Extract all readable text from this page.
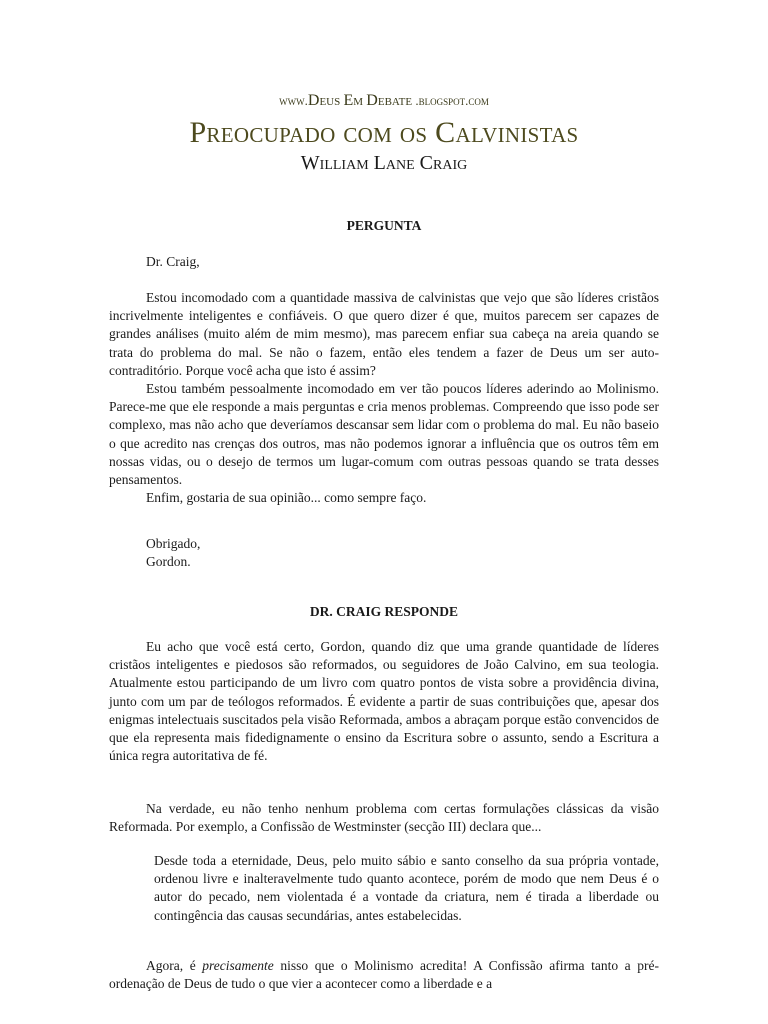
www.Deus Em Debate .blogspot.com
Preocupado com os Calvinistas
William Lane Craig
PERGUNTA

Dr. Craig,

Estou incomodado com a quantidade massiva de calvinistas que vejo que são líderes cristãos incrivelmente inteligentes e confiáveis. O que quero dizer é que, muitos parecem ser capazes de grandes análises (muito além de mim mesmo), mas parecem enfiar sua cabeça na areia quando se trata do problema do mal. Se não o fazem, então eles tendem a fazer de Deus um ser auto-contraditório. Porque você acha que isto é assim?

Estou também pessoalmente incomodado em ver tão poucos líderes aderindo ao Molinismo. Parece-me que ele responde a mais perguntas e cria menos problemas. Compreendo que isso pode ser complexo, mas não acho que deveríamos descansar sem lidar com o problema do mal. Eu não baseio o que acredito nas crenças dos outros, mas não podemos ignorar a influência que os outros têm em nossas vidas, ou o desejo de termos um lugar-comum com outras pessoas quando se trata desses pensamentos.

Enfim, gostaria de sua opinião... como sempre faço.

Obrigado,

Gordon.

DR. CRAIG RESPONDE

Eu acho que você está certo, Gordon, quando diz que uma grande quantidade de líderes cristãos inteligentes e piedosos são reformados, ou seguidores de João Calvino, em sua teologia. Atualmente estou participando de um livro com quatro pontos de vista sobre a providência divina, junto com um par de teólogos reformados. É evidente a partir de suas contribuições que, apesar dos enigmas intelectuais suscitados pela visão Reformada, ambos a abraçam porque estão convencidos de que ela representa mais fidedignamente o ensino da Escritura sobre o assunto, sendo a Escritura a única regra autoritativa de fé.

Na verdade, eu não tenho nenhum problema com certas formulações clássicas da visão Reformada. Por exemplo, a Confissão de Westminster (secção III) declara que...

Desde toda a eternidade, Deus, pelo muito sábio e santo conselho da sua própria vontade, ordenou livre e inalteravelmente tudo quanto acontece, porém de modo que nem Deus é o autor do pecado, nem violentada é a vontade da criatura, nem é tirada a liberdade ou contingência das causas secundárias, antes estabelecidas.

Agora, é precisamente nisso que o Molinismo acredita! A Confissão afirma tanto a pré-ordenação de Deus de tudo o que vier a acontecer como a liberdade e a
